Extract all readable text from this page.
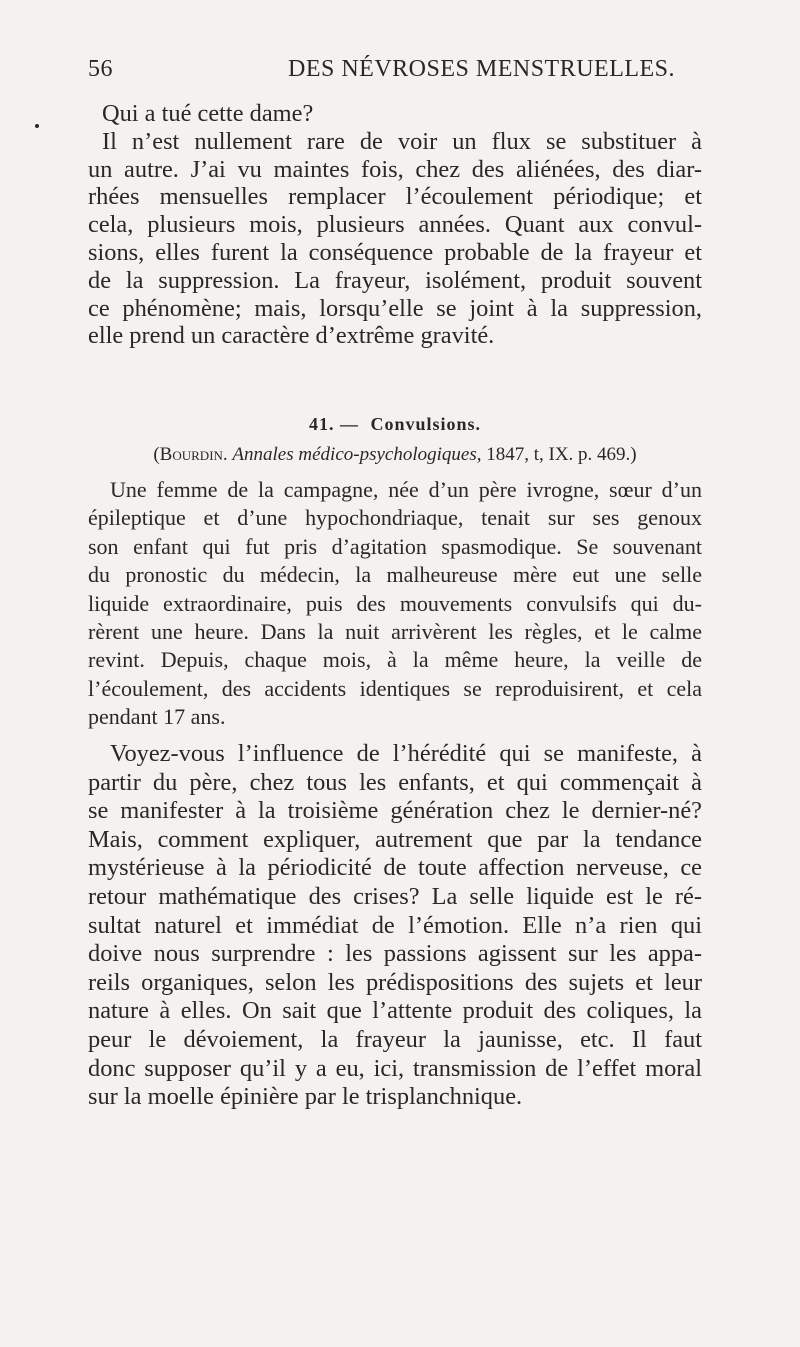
56	DES NÉVROSES MENSTRUELLES.
Qui a tué cette dame?
Il n’est nullement rare de voir un flux se substituer à
un autre. J’ai vu maintes fois, chez des aliénées, des diar-
rhées mensuelles remplacer l’écoulement périodique; et
cela, plusieurs mois, plusieurs années. Quant aux convul-
sions, elles furent la conséquence probable de la frayeur et
de la suppression. La frayeur, isolément, produit souvent
ce phénomène; mais, lorsqu’elle se joint à la suppression,
elle prend un caractère d’extrême gravité.
41. — Convulsions.
(Bourdin. Annales médico-psychologiques, 1847, t, IX. p. 469.)
Une femme de la campagne, née d’un père ivrogne, sœur d’un
épileptique et d’une hypochondriaque, tenait sur ses genoux
son enfant qui fut pris d’agitation spasmodique. Se souvenant
du pronostic du médecin, la malheureuse mère eut une selle
liquide extraordinaire, puis des mouvements convulsifs qui du-
rèrent une heure. Dans la nuit arrivèrent les règles, et le calme
revint. Depuis, chaque mois, à la même heure, la veille de
l’écoulement, des accidents identiques se reproduisirent, et cela
pendant 17 ans.
Voyez-vous l’influence de l’hérédité qui se manifeste, à
partir du père, chez tous les enfants, et qui commençait à
se manifester à la troisième génération chez le dernier-né?
Mais, comment expliquer, autrement que par la tendance
mystérieuse à la périodicité de toute affection nerveuse, ce
retour mathématique des crises? La selle liquide est le ré-
sultat naturel et immédiat de l’émotion. Elle n’a rien qui
doive nous surprendre : les passions agissent sur les appa-
reils organiques, selon les prédispositions des sujets et leur
nature à elles. On sait que l’attente produit des coliques, la
peur le dévoiement, la frayeur la jaunisse, etc. Il faut
donc supposer qu’il y a eu, ici, transmission de l’effet moral
sur la moelle épinière par le trisplanchnique.
